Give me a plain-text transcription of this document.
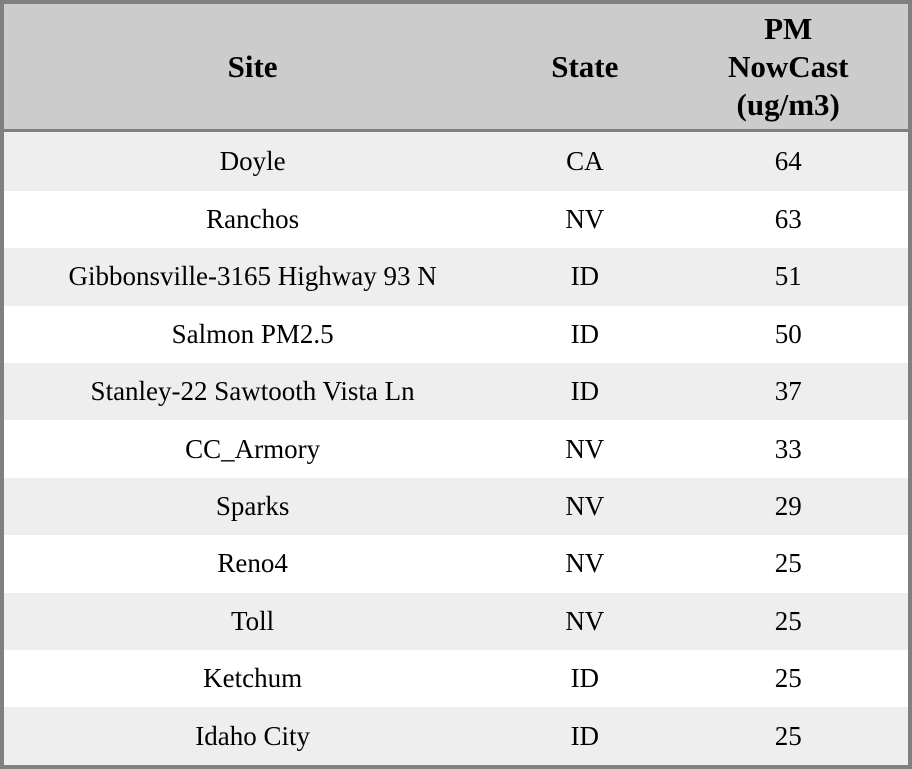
Site	State	PM
NowCast
(ug/m3)
Doyle	CA	64
Ranchos	NV	63
Gibbonsville-3165 Highway 93 N	ID	51
Salmon PM2.5	ID	50
Stanley-22 Sawtooth Vista Ln	ID	37
CC_Armory	NV	33
Sparks	NV	29
Reno4	NV	25
Toll	NV	25
Ketchum	ID	25
Idaho City	ID	25
